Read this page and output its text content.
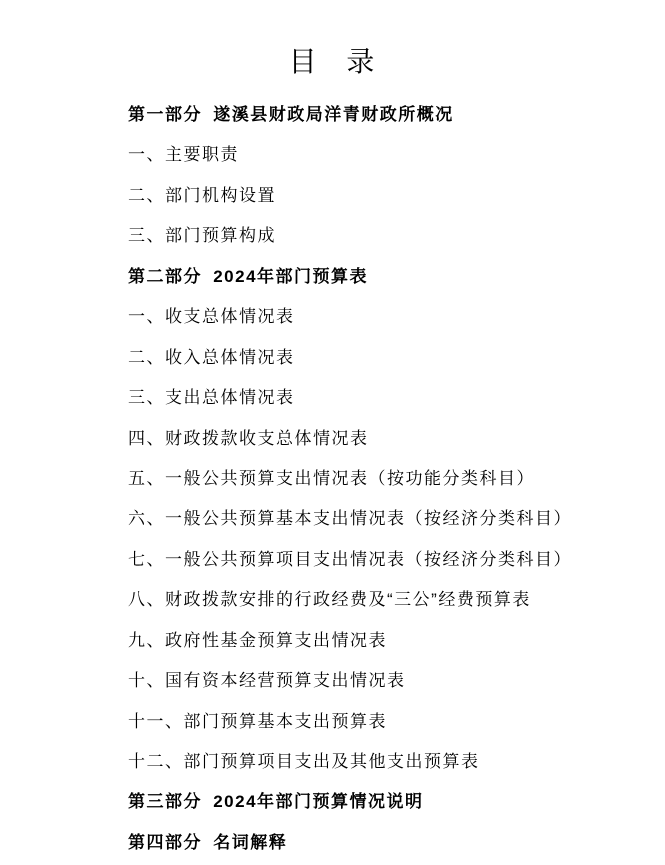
目 录
第一部分 遂溪县财政局洋青财政所概况
一、主要职责
二、部门机构设置
三、部门预算构成
第二部分 2024年部门预算表
一、收支总体情况表
二、收入总体情况表
三、支出总体情况表
四、财政拨款收支总体情况表
五、一般公共预算支出情况表（按功能分类科目）
六、一般公共预算基本支出情况表（按经济分类科目）
七、一般公共预算项目支出情况表（按经济分类科目）
八、财政拨款安排的行政经费及“三公”经费预算表
九、政府性基金预算支出情况表
十、国有资本经营预算支出情况表
十一、部门预算基本支出预算表
十二、部门预算项目支出及其他支出预算表
第三部分 2024年部门预算情况说明
第四部分 名词解释
